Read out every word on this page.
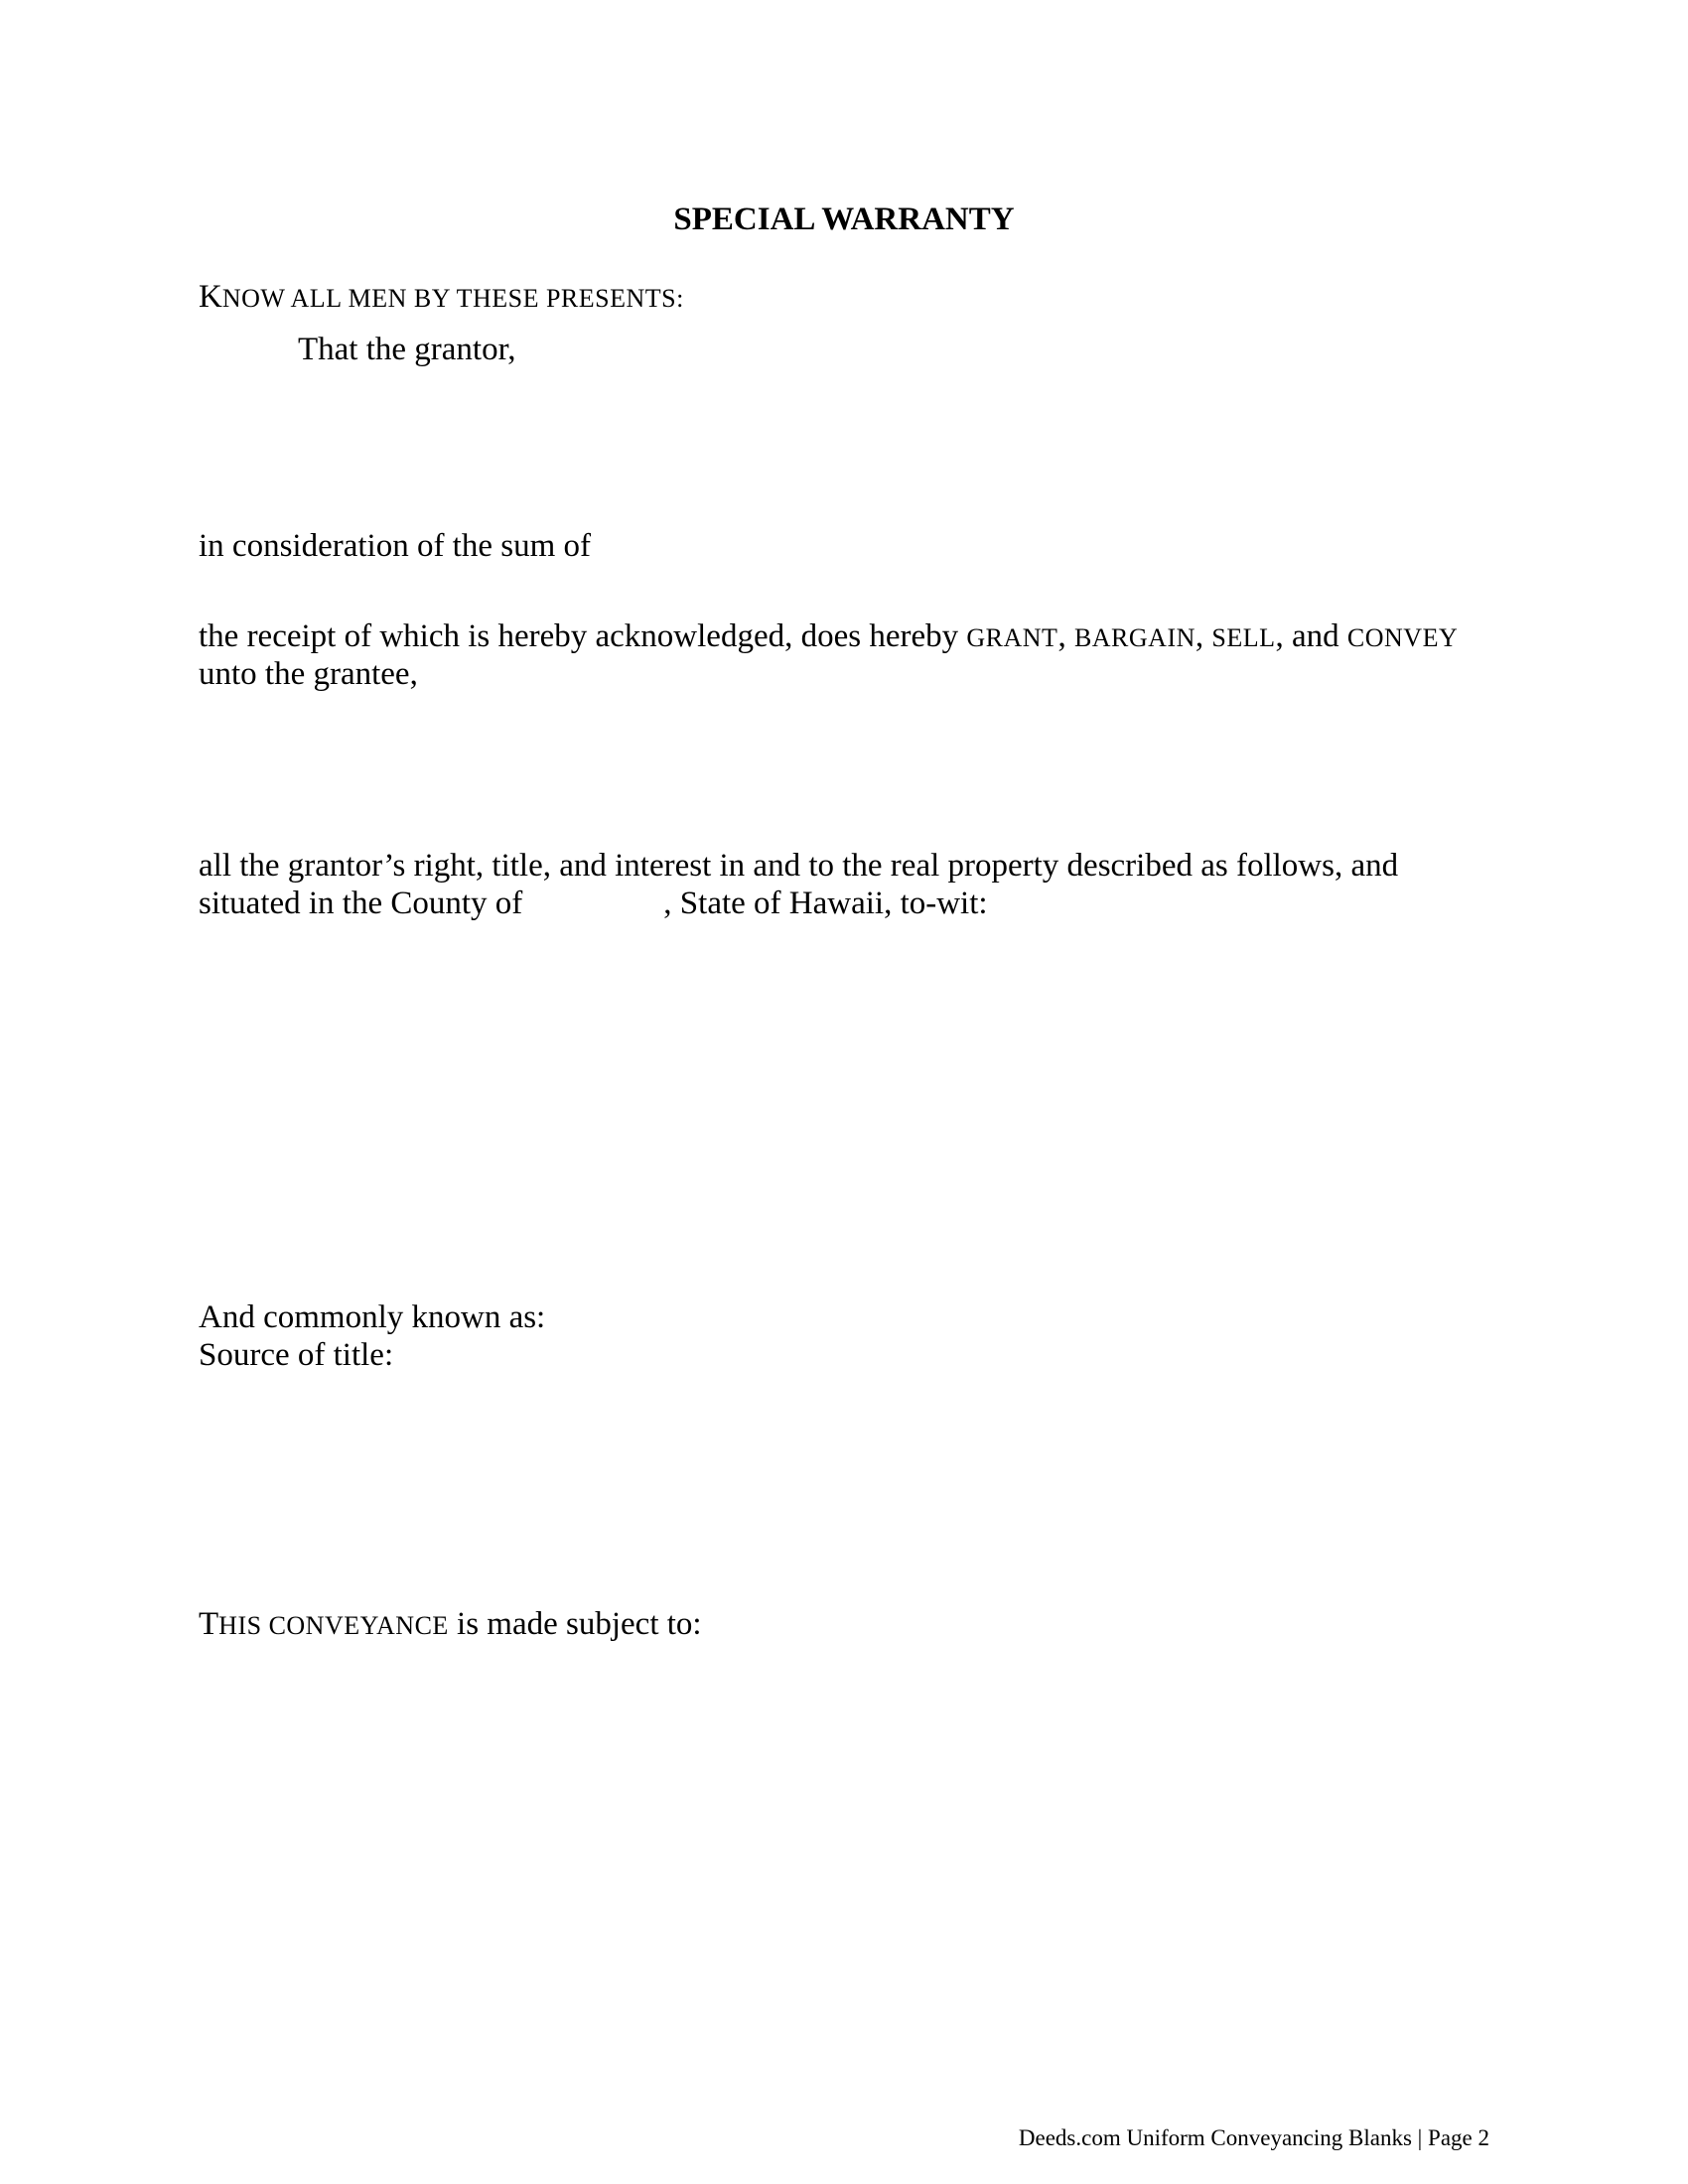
SPECIAL WARRANTY
KNOW ALL MEN BY THESE PRESENTS:
That the grantor,
in consideration of the sum of
the receipt of which is hereby acknowledged, does hereby GRANT, BARGAIN, SELL, and CONVEY
unto the grantee,
all the grantor’s right, title, and interest in and to the real property described as follows, and
situated in the County of	, State of Hawaii, to-wit:
And commonly known as:
Source of title:
THIS CONVEYANCE is made subject to:
Deeds.com Uniform Conveyancing Blanks | Page 2
